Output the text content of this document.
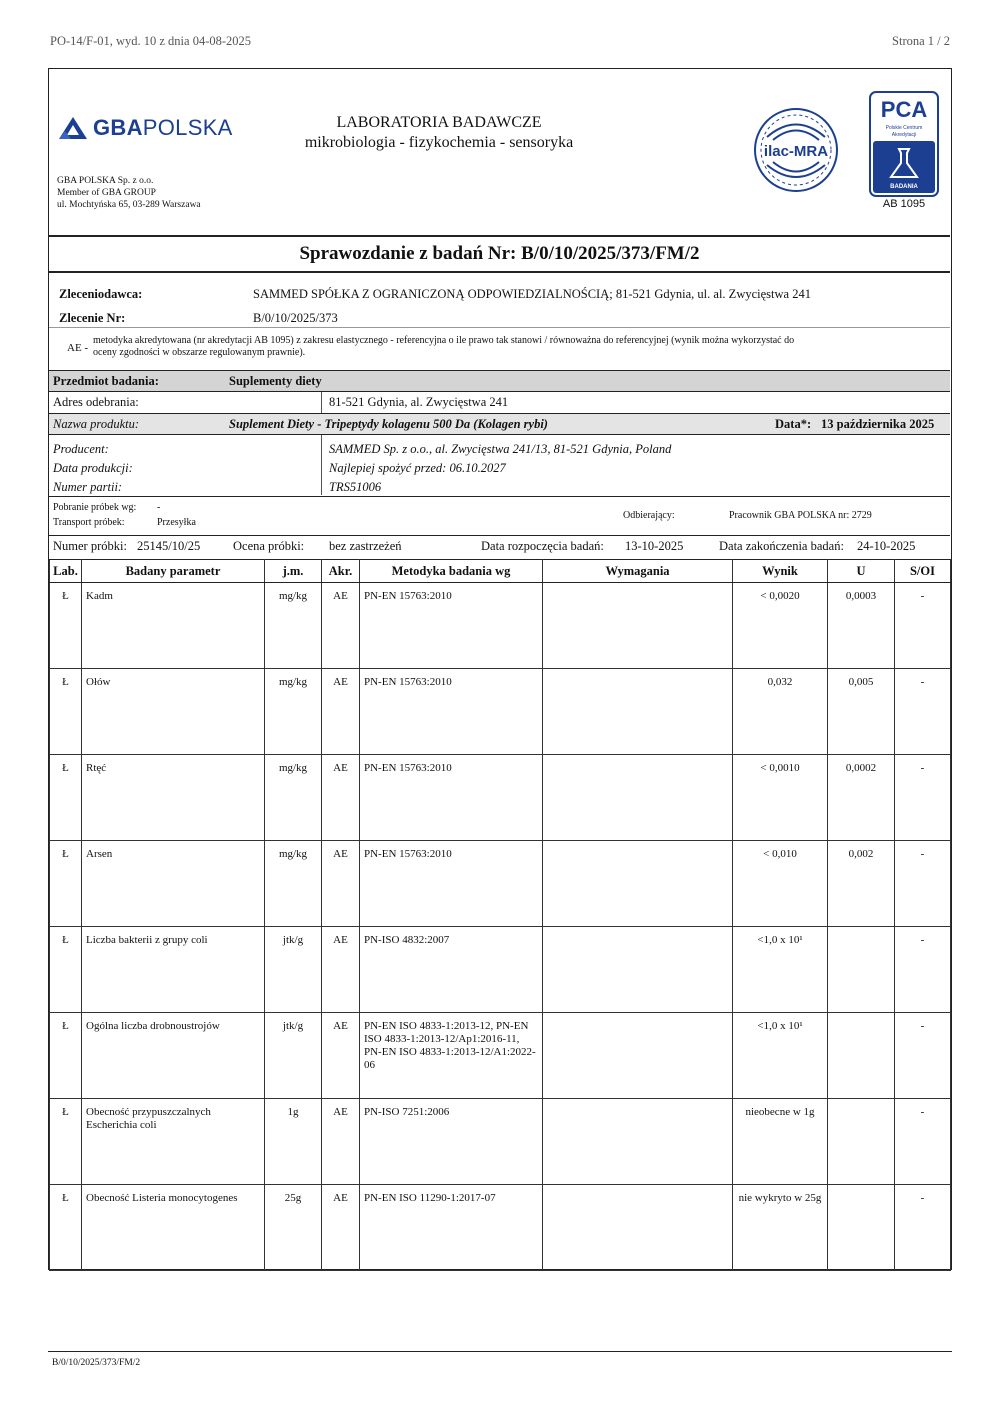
PO-14/F-01, wyd. 10 z dnia 04-08-2025	Strona 1 / 2
GBAPOLSKA	LABORATORIA BADAWCZE
mikrobiologia - fizykochemia - sensoryka
GBA POLSKA Sp. z o.o.
Member of GBA GROUP
ul. Mochtyńska 65, 03-289 Warszawa
ilac-MRA
PCA
Polskie Centrum
Akredytacji
BADANIA
AB 1095
Sprawozdanie z badań Nr: B/0/10/2025/373/FM/2
Zleceniodawca:	SAMMED SPÓŁKA Z OGRANICZONĄ ODPOWIEDZIALNOŚCIĄ; 81-521 Gdynia, ul. al. Zwycięstwa 241
Zlecenie Nr:	B/0/10/2025/373
AE -
metodyka akredytowana (nr akredytacji AB 1095) z zakresu elastycznego - referencyjna o ile prawo tak stanowi / równoważna do referencyjnej (wynik można wykorzystać do
oceny zgodności w obszarze regulowanym prawnie).
Przedmiot badania:	Suplementy diety
Adres odebrania:	81-521 Gdynia, al. Zwycięstwa 241
Nazwa produktu:	Suplement Diety - Tripeptydy kolagenu 500 Da (Kolagen rybi)	Data*: 13 października 2025
Producent:	SAMMED Sp. z o.o., al. Zwycięstwa 241/13, 81-521 Gdynia, Poland
Data produkcji:	Najlepiej spożyć przed: 06.10.2027
Numer partii:	TRS51006
Pobranie próbek wg: -
Transport próbek:	Przesyłka
Odbierający:	Pracownik GBA POLSKA nr: 2729
Numer próbki: 25145/10/25	Ocena próbki: bez zastrzeżeń	Data rozpoczęcia badań: 13-10-2025	Data zakończenia badań: 24-10-2025
Lab.	Badany parametr	j.m.	Akr.	Metodyka badania wg	Wymagania	Wynik	U	S/OI
Ł	Kadm	mg/kg	AE	PN-EN 15763:2010		< 0,0020	0,0003	-
Ł	Ołów	mg/kg	AE	PN-EN 15763:2010		0,032	0,005	-
Ł	Rtęć	mg/kg	AE	PN-EN 15763:2010		< 0,0010	0,0002	-
Ł	Arsen	mg/kg	AE	PN-EN 15763:2010		< 0,010	0,002	-
Ł	Liczba bakterii z grupy coli	jtk/g	AE	PN-ISO 4832:2007		<1,0 x 10¹		-
Ł	Ogólna liczba drobnoustrojów	jtk/g	AE	PN-EN ISO 4833-1:2013-12, PN-EN ISO 4833-1:2013-12/Ap1:2016-11, PN-EN ISO 4833-1:2013-12/A1:2022-06		<1,0 x 10¹		-
Ł	Obecność przypuszczalnych Escherichia coli	1g	AE	PN-ISO 7251:2006		nieobecne w 1g		-
Ł	Obecność Listeria monocytogenes	25g	AE	PN-EN ISO 11290-1:2017-07		nie wykryto w 25g		-
B/0/10/2025/373/FM/2
